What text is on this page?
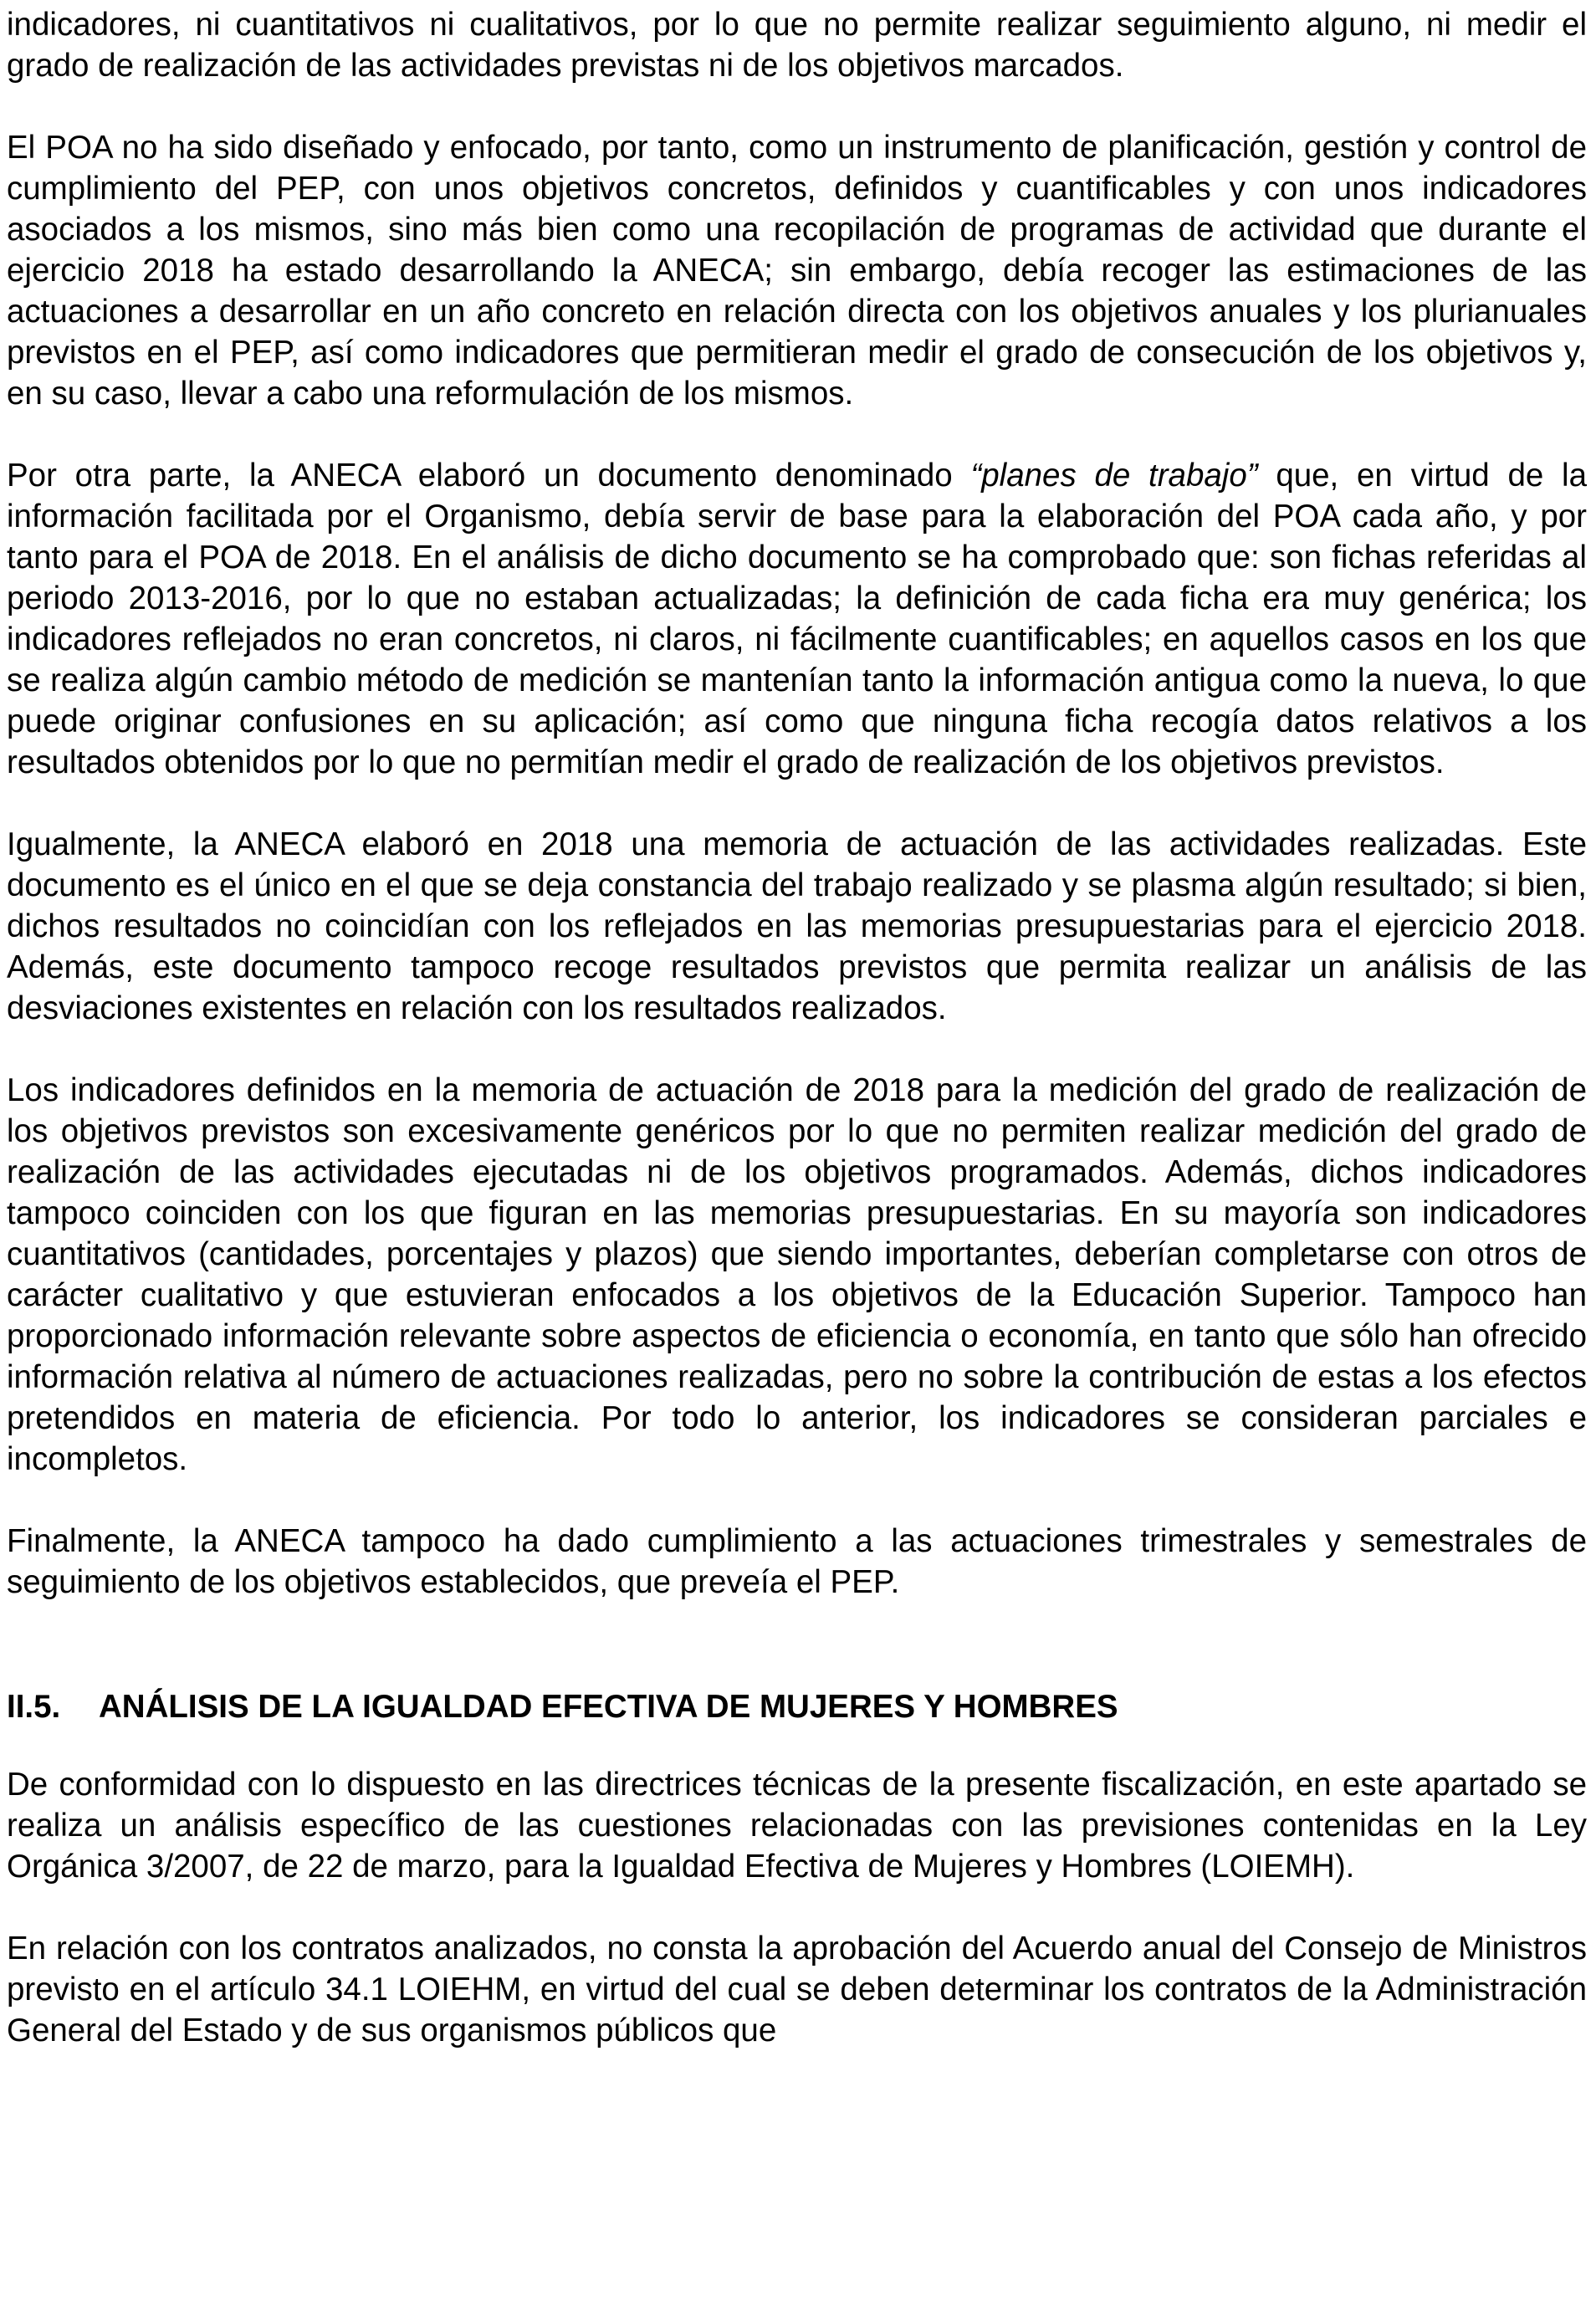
indicadores, ni cuantitativos ni cualitativos, por lo que no permite realizar seguimiento alguno, ni medir el grado de realización de las actividades previstas ni de los objetivos marcados.

El POA no ha sido diseñado y enfocado, por tanto, como un instrumento de planificación, gestión y control de cumplimiento del PEP, con unos objetivos concretos, definidos y cuantificables y con unos indicadores asociados a los mismos, sino más bien como una recopilación de programas de actividad que durante el ejercicio 2018 ha estado desarrollando la ANECA; sin embargo, debía recoger las estimaciones de las actuaciones a desarrollar en un año concreto en relación directa con los objetivos anuales y los plurianuales previstos en el PEP, así como indicadores que permitieran medir el grado de consecución de los objetivos y, en su caso, llevar a cabo una reformulación de los mismos.

Por otra parte, la ANECA elaboró un documento denominado “planes de trabajo” que, en virtud de la información facilitada por el Organismo, debía servir de base para la elaboración del POA cada año, y por tanto para el POA de 2018. En el análisis de dicho documento se ha comprobado que: son fichas referidas al periodo 2013-2016, por lo que no estaban actualizadas; la definición de cada ficha era muy genérica; los indicadores reflejados no eran concretos, ni claros, ni fácilmente cuantificables; en aquellos casos en los que se realiza algún cambio método de medición se mantenían tanto la información antigua como la nueva, lo que puede originar confusiones en su aplicación; así como que ninguna ficha recogía datos relativos a los resultados obtenidos por lo que no permitían medir el grado de realización de los objetivos previstos.

Igualmente, la ANECA elaboró en 2018 una memoria de actuación de las actividades realizadas. Este documento es el único en el que se deja constancia del trabajo realizado y se plasma algún resultado; si bien, dichos resultados no coincidían con los reflejados en las memorias presupuestarias para el ejercicio 2018. Además, este documento tampoco recoge resultados previstos que permita realizar un análisis de las desviaciones existentes en relación con los resultados realizados.

Los indicadores definidos en la memoria de actuación de 2018 para la medición del grado de realización de los objetivos previstos son excesivamente genéricos por lo que no permiten realizar medición del grado de realización de las actividades ejecutadas ni de los objetivos programados. Además, dichos indicadores tampoco coinciden con los que figuran en las memorias presupuestarias. En su mayoría son indicadores cuantitativos (cantidades, porcentajes y plazos) que siendo importantes, deberían completarse con otros de carácter cualitativo y que estuvieran enfocados a los objetivos de la Educación Superior. Tampoco han proporcionado información relevante sobre aspectos de eficiencia o economía, en tanto que sólo han ofrecido información relativa al número de actuaciones realizadas, pero no sobre la contribución de estas a los efectos pretendidos en materia de eficiencia. Por todo lo anterior, los indicadores se consideran parciales e incompletos.

Finalmente, la ANECA tampoco ha dado cumplimiento a las actuaciones trimestrales y semestrales de seguimiento de los objetivos establecidos, que preveía el PEP.

II.5. ANÁLISIS DE LA IGUALDAD EFECTIVA DE MUJERES Y HOMBRES

De conformidad con lo dispuesto en las directrices técnicas de la presente fiscalización, en este apartado se realiza un análisis específico de las cuestiones relacionadas con las previsiones contenidas en la Ley Orgánica 3/2007, de 22 de marzo, para la Igualdad Efectiva de Mujeres y Hombres (LOIEMH).

En relación con los contratos analizados, no consta la aprobación del Acuerdo anual del Consejo de Ministros previsto en el artículo 34.1 LOIEHM, en virtud del cual se deben determinar los contratos de la Administración General del Estado y de sus organismos públicos que
